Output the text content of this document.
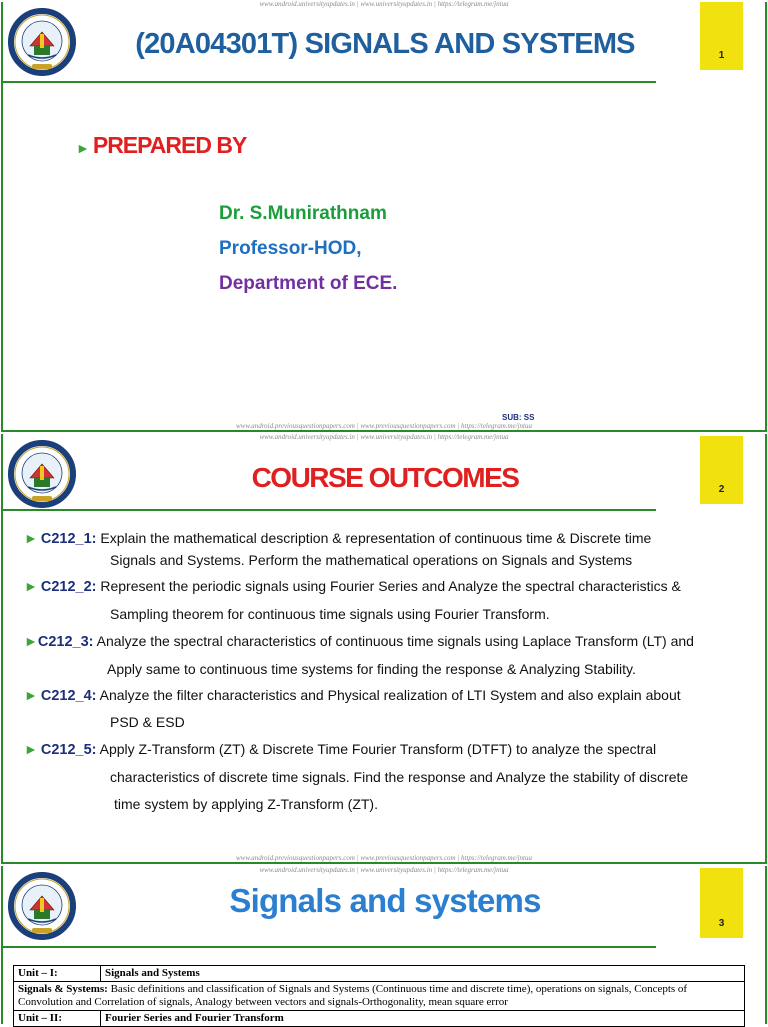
www.android.universityupdates.in | www.universityupdates.in | https://telegram.me/jntua
(20A04301T) SIGNALS AND SYSTEMS	1
► PREPARED BY
Dr. S.Munirathnam
Professor-HOD,
Department of ECE.
SUB: SS
www.android.previousquestionpapers.com | www.previousquestionpapers.com | https://telegram.me/jntua
www.android.universityupdates.in | www.universityupdates.in | https://telegram.me/jntua
COURSE OUTCOMES	2
► C212_1: Explain the mathematical description & representation of continuous time & Discrete time
Signals and Systems. Perform the mathematical operations on Signals and Systems
► C212_2: Represent the periodic signals using Fourier Series and Analyze the spectral characteristics &
Sampling theorem for continuous time signals using Fourier Transform.
►C212_3: Analyze the spectral characteristics of continuous time signals using Laplace Transform (LT) and
Apply same to continuous time systems for finding the response & Analyzing Stability.
► C212_4: Analyze the filter characteristics and Physical realization of LTI System and also explain about
PSD & ESD
► C212_5: Apply Z-Transform (ZT) & Discrete Time Fourier Transform (DTFT) to analyze the spectral
characteristics of discrete time signals. Find the response and Analyze the stability of discrete
time system by applying Z-Transform (ZT).
www.android.previousquestionpapers.com | www.previousquestionpapers.com | https://telegram.me/jntua
www.android.universityupdates.in | www.universityupdates.in | https://telegram.me/jntua
Signals and systems
3
Unit – I:	Signals and Systems
Signals & Systems: Basic definitions and classification of Signals and Systems (Continuous time and discrete time), operations on signals, Concepts of Convolution and Correlation of signals, Analogy between vectors and signals-Orthogonality, mean square error	
Unit – II:	Fourier Series and Fourier Transform
